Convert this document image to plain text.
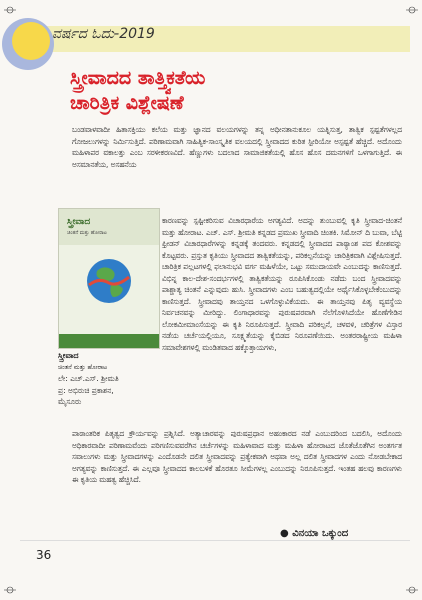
ವರ್ಷದ ಓದು-2019
ಸ್ತ್ರೀವಾದದ ತಾತ್ತ್ವಿಕತೆಯ
ಚಾರಿತ್ರಿಕ ವಿಶ್ಲೇಷಣೆ
ಬಂಡವಾಳವಾದೀ ಹಿತಾಸಕ್ತಿಯು ಕಲೆಯ ಮತ್ತು ಜ್ಞಾನದ ವಲಯಗಳನ್ನು ತನ್ನ ಅಧೀನತಾನುಕೂಲ ಯತ್ನಿಸುತ್ತ, ತಾತ್ವಿಕ ಸ್ಪಷ್ಟತೆಗಳಲ್ಲದ ಗೋಜಲುಗಳನ್ನು ನಿರ್ಮಿಸುತ್ತಿದೆ. ಪರಿಣಾಮವಾಗಿ ಸಾಹಿತ್ಯಿಕ-ಸಾಂಸ್ಕೃತಿಕ ವಲಯದಲ್ಲಿ ಸ್ತ್ರೀವಾದದ ಕುರಿತ ಸ್ಟೀರಿಯೋ ಅಸ್ಪಷ್ಟತೆ ಹೆಚ್ಚಿದೆ. ಅದೊಂದು ಮಹಿಳಾಪರ ವಕಾಲತ್ತು ಎಂಬ ಸರಳೀಕರಣವಿದೆ. ಹೆಣ್ಣುಗಳು ಬದಲಾದ ಸಾಮಾಜಿಕತೆಯಲ್ಲಿ ಹೊಸ ಹೊಸ ದಮನಗಳಿಗೆ ಒಳಗಾಗುತ್ತಿದೆ. ಈ ಅಸಮಾನತೆಯ, ಅಸಹನೆಯ
ಸ್ತ್ರೀವಾದ
ಚಿಂತನೆ ಮತ್ತು ಹೋರಾಟ
ಸ್ತ್ರೀವಾದ
ಚಿಂತನೆ ಮತ್ತು ಹೋರಾಟ
ಲೇ: ಎಚ್.ಎಸ್. ಶ್ರೀಮತಿ
ಪ್ರ: ಅಭಿರುಚಿ ಪ್ರಕಾಶನ,
ಮೈಸೂರು
ಕಾರಣವನ್ನು ಸ್ಪಷ್ಟೀಕರಿಸುವ ವಿಚಾರಧಾರೆಯ ಅಗತ್ಯವಿದೆ. ಅದನ್ನು ತುಂಬುವಲ್ಲಿ ಕೃತಿ ಸ್ತ್ರೀವಾದ-ಚಿಂತನೆ ಮತ್ತು ಹೋರಾಟ. ಎಚ್. ಎಸ್. ಶ್ರೀಮತಿ ಕನ್ನಡದ ಪ್ರಮುಖ ಸ್ತ್ರೀವಾದಿ ಚಿಂತಕಿ. ಸಿಮೋನ್ ದಿ ಬುವಾ, ಬೆಟ್ಟಿ ಫ್ರೀಡನ್ ವಿಚಾರಧಾರೆಗಳನ್ನು ಕನ್ನಡಕ್ಕೆ ತಂದವರು. ಕನ್ನಡದಲ್ಲಿ ಸ್ತ್ರೀವಾದದ ಪಾಠ್ಯಾಂಶ ಪದ ಕೋಶವನ್ನು ಕೊಟ್ಟವರು. ಪ್ರಸ್ತುತ ಕೃತಿಯು ಸ್ತ್ರೀವಾದದ ತಾತ್ವಿಕತೆಯನ್ನು, ಪರಿಕಲ್ಪನೆಯನ್ನು ಚಾರಿತ್ರಿಕವಾಗಿ ವಿಶ್ಲೇಷಿಸುತ್ತದೆ. ಚಾರಿತ್ರಿಕ ಪಲ್ಲಟಗಳಲ್ಲಿ ಫಲಾನುಭವಿ ವರ್ಗ ಮಹಿಳೆಯೇ, ಒಟ್ಟು ಸಮುದಾಯವೇ ಎಂಬುದನ್ನು ಕಾಣಿಸುತ್ತದೆ. ವಿಭಿನ್ನ ಕಾಲ-ದೇಶ-ಸಂದರ್ಭಗಳಲ್ಲಿ ತಾತ್ವಿಕತೆಯನ್ನು ರೂಪಿಸಿಕೊಂಡು ನಡೆದು ಬಂದ ಸ್ತ್ರೀವಾದವನ್ನು ಪಾಶ್ಚಾತ್ಯ ಚಿಂತನೆ ಎನ್ನುವುದು ಹುಸಿ. ಸ್ತ್ರೀವಾದಗಳು ಎಂಬ ಬಹುತ್ವದಲ್ಲಿಯೇ ಅರ್ಥೈಸಿಕೊಳ್ಳಬೇಕೆಂಬುದನ್ನು ಕಾಣಿಸುತ್ತದೆ. ಸ್ತ್ರೀವಾದವು ತಾಯ್ತನದ ಒಳಗೊಳ್ಳುವಿಕೆಯದು. ಈ ತಾಯ್ತನವು ಪಿತೃ ವ್ಯವಸ್ಥೆಯ ನಿರ್ವಚನವನ್ನು ಮೀರಿದ್ದು. ಲಿಂಗಾಧಾರವನ್ನು ಪುರುಷಪರವಾಗಿ ನೆಲೆಗೊಳಿಸಿದೆಯೇ ಹೊಣೆಗೇಡಿನ ಲೋಕಮೀಮಾಂಸೆಯನ್ನು ಈ ಕೃತಿ ನಿರೂಪಿಸುತ್ತದೆ. ಸ್ತ್ರೀವಾದಿ ಪರಿಕಲ್ಪನೆ, ಚಳವಳಿ, ಚರಿತ್ರೆಗಳ ವಿಸ್ತಾರ ನಡೆಯ ಚರ್ಚೆಯಲ್ಲಿಯೂ, ಸೂಕ್ಷ್ಮತೆಯನ್ನು ಕೈಬಿಡದ ನಿರೂಪಣೆಯಿದು. ಅಂತರರಾಷ್ಟ್ರೀಯ ಮಹಿಳಾ ಸಮಾವೇಶಗಳಲ್ಲಿ ಮಂಡಿತವಾದ ಹಕ್ಕೊತ್ತಾಯಗಳು,
ಪಾಠಾಂತರಿಕ ಪಿತೃತ್ವದ ಕ್ರೌರ್ಯವನ್ನು ಪ್ರಶ್ನಿಸಿದೆ. ಅತ್ಯಾಚಾರವನ್ನು ಪುರುಷಪ್ರಧಾನ ಅಹಂಕಾರದ ನಡೆ ಎಂಬುದರಿಂದ ಬದಲಿಸಿ, ಅದೊಂದು ಅಧಿಕಾರವಾದೀ ಪರಿಣಾಮವೆಂದು ಪರಿಗಣಿಸುವವರೆಗಿನ ಚರ್ಚೆಗಳನ್ನು ಮಹಿಳಾವಾದ ಮತ್ತು ಮಹಿಳಾ ಹೋರಾಟದ ಜೊತೆಜೊತೆಗಿನ ಅಂತರ್ಗತ ಸವಾಲುಗಳು ಮತ್ತು ಸ್ತ್ರೀವಾದಗಳನ್ನು ಎಂದೊಡನೇ ದಲಿತ ಸ್ತ್ರೀವಾದವನ್ನು ಪ್ರತ್ಯೇಕವಾಗಿ ಅಥವಾ ಅಲ್ಲ ದಲಿತ ಸ್ತ್ರೀವಾದಗಳ ಎಂದು ನೋಡಬೇಕಾದ ಅಗತ್ಯವನ್ನು ಕಾಣಿಸುತ್ತದೆ. ಈ ಎಲ್ಲವೂ ಸ್ತ್ರೀವಾದದ ಕಾಲಬಳಿಕೆ ಹೊರತೂ ಸೀಮೆಗಳಲ್ಲ ಎಂಬುದನ್ನು ನಿರೂಪಿಸುತ್ತದೆ. ಇಂತಹ ಹಲವು ಕಾರಣಗಳು ಈ ಕೃತಿಯ ಮಹತ್ವ ಹೆಚ್ಚಿಸಿದೆ.
● ವಿನಯಾ ಒಕ್ಕುಂದ
36
